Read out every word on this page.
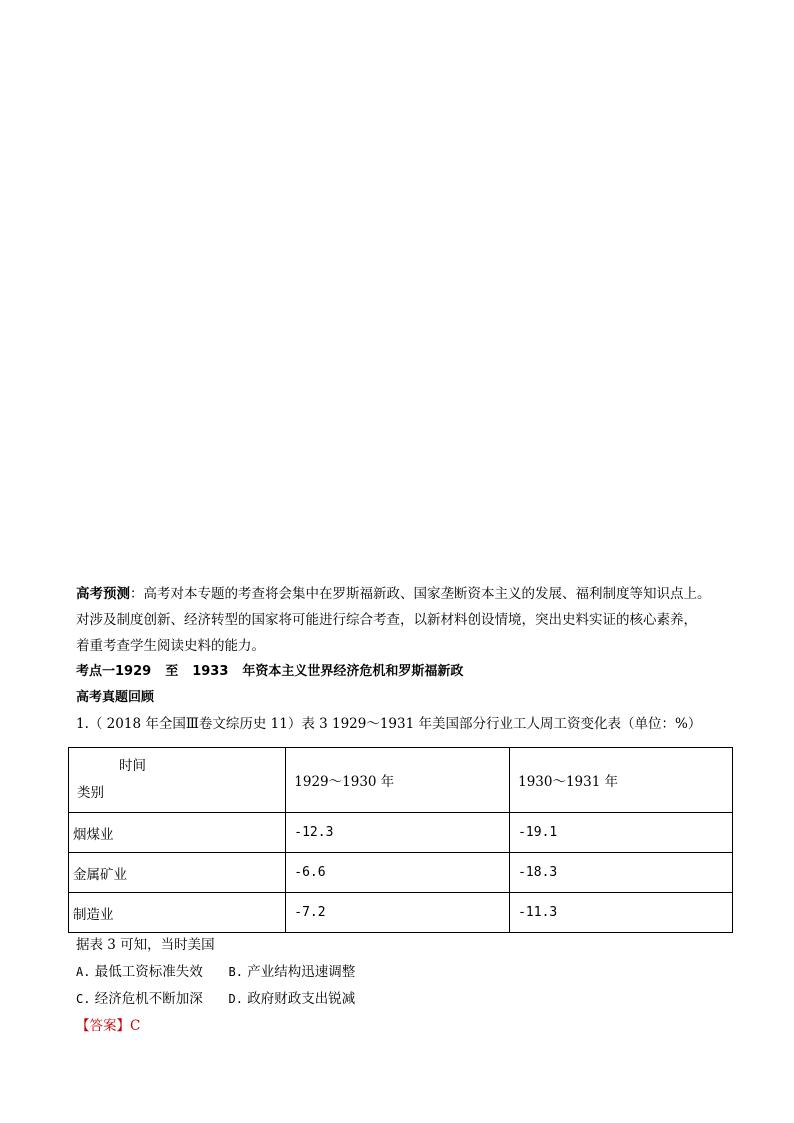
高考预测：高考对本专题的考查将会集中在罗斯福新政、国家垄断资本主义的发展、福利制度等知识点上。

对涉及制度创新、经济转型的国家将可能进行综合考查，以新材料创设情境，突出史料实证的核心素养，

着重考查学生阅读史料的能力。

考点一1929 至 1933 年资本主义世界经济危机和罗斯福新政

高考真题回顾

1.（ 2018 年全国Ⅲ卷文综历史 11）表 3 1929～1931 年美国部分行业工人周工资变化表（单位：%）

时间
类别	1929～1930 年	1930～1931 年
烟煤业	-12.3	-19.1
金属矿业	-6.6	-18.3
制造业	-7.2	-11.3

据表 3 可知，当时美国

A. 最低工资标准失效 B. 产业结构迅速调整

C. 经济危机不断加深 D. 政府财政支出锐减

【答案】C
